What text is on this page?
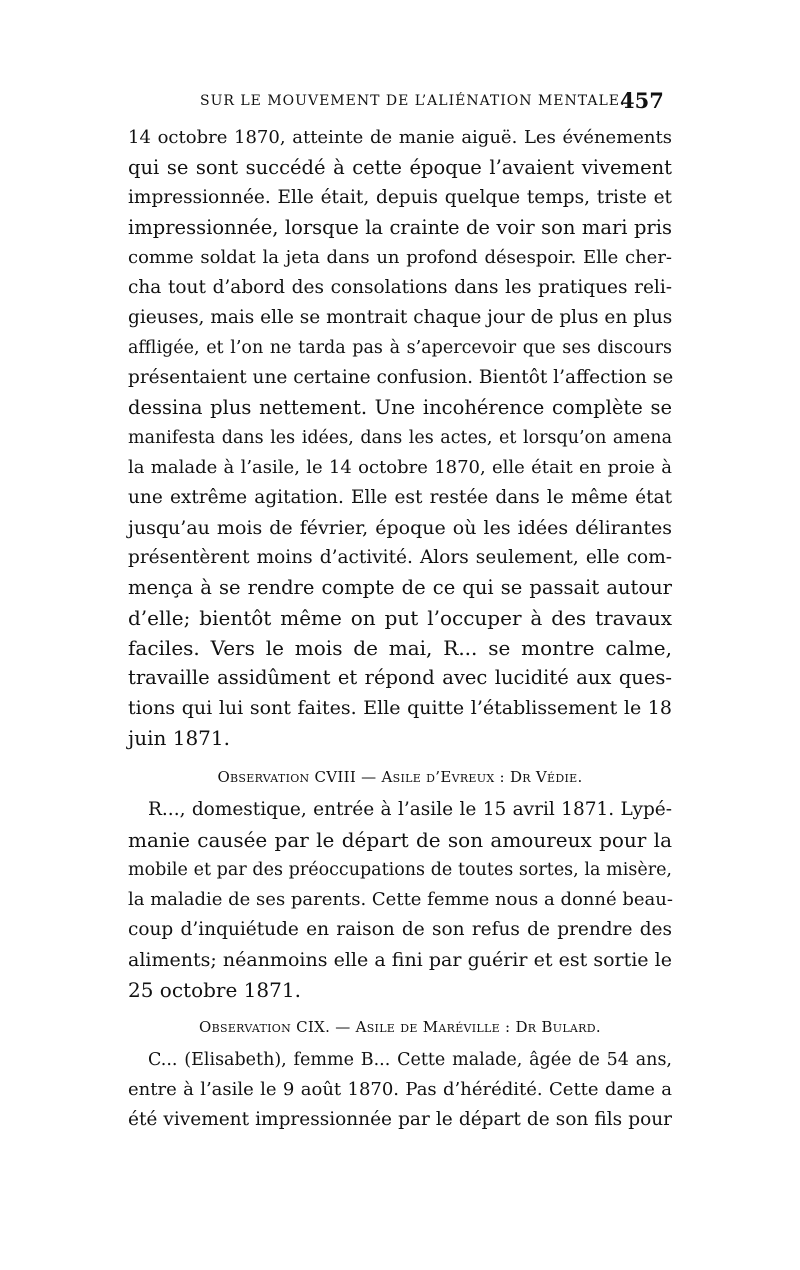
SUR LE MOUVEMENT DE L’ALIÉNATION MENTALE.
457
14 octobre 1870, atteinte de manie aiguë. Les événements
qui se sont succédé à cette époque l’avaient vivement
impressionnée. Elle était, depuis quelque temps, triste et
impressionnée, lorsque la crainte de voir son mari pris
comme soldat la jeta dans un profond désespoir. Elle cher-
cha tout d’abord des consolations dans les pratiques reli-
gieuses, mais elle se montrait chaque jour de plus en plus
affligée, et l’on ne tarda pas à s’apercevoir que ses discours
présentaient une certaine confusion. Bientôt l’affection se
dessina plus nettement. Une incohérence complète se
manifesta dans les idées, dans les actes, et lorsqu’on amena
la malade à l’asile, le 14 octobre 1870, elle était en proie à
une extrême agitation. Elle est restée dans le même état
jusqu’au mois de février, époque où les idées délirantes
présentèrent moins d’activité. Alors seulement, elle com-
mença à se rendre compte de ce qui se passait autour
d’elle; bientôt même on put l’occuper à des travaux
faciles. Vers le mois de mai, R... se montre calme,
travaille assidûment et répond avec lucidité aux ques-
tions qui lui sont faites. Elle quitte l’établissement le 18
juin 1871.
Observation CVIII — Asile d’Evreux : Dr Védie.
R..., domestique, entrée à l’asile le 15 avril 1871. Lypé-
manie causée par le départ de son amoureux pour la
mobile et par des préoccupations de toutes sortes, la misère,
la maladie de ses parents. Cette femme nous a donné beau-
coup d’inquiétude en raison de son refus de prendre des
aliments; néanmoins elle a fini par guérir et est sortie le
25 octobre 1871.
Observation CIX. — Asile de Maréville : Dr Bulard.
C... (Elisabeth), femme B... Cette malade, âgée de 54 ans,
entre à l’asile le 9 août 1870. Pas d’hérédité. Cette dame a
été vivement impressionnée par le départ de son fils pour
